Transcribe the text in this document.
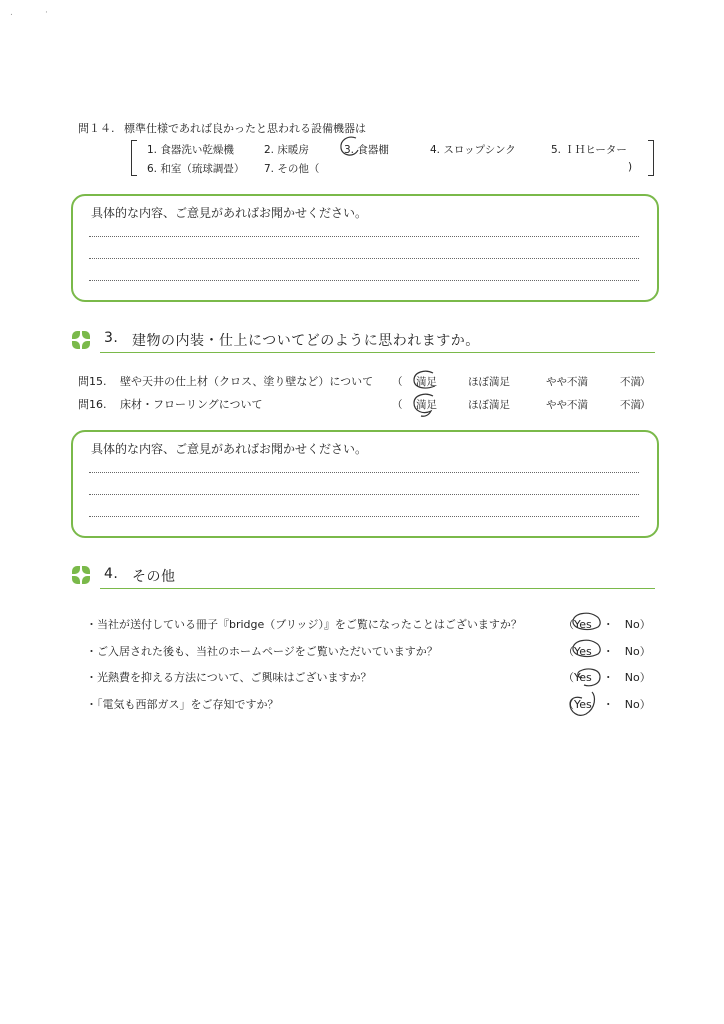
.	·
問１４. 標準仕様であれば良かったと思われる設備機器は
1. 食器洗い乾燥機	2. 床暖房	3. 食器棚	4. スロップシンク	5. ＩＨヒーター
6. 和室（琉球調畳） 7. その他（	)
具体的な内容、ご意見があればお聞かせください。
3. 建物の内装・仕上についてどのように思われますか。
問15. 壁や天井の仕上材（クロス、塗り壁など）について （ 満足	ほぼ満足	やや不満	不満 ）
問16. 床材・フローリングについて	（ 満足	ほぼ満足	やや不満	不満 ）
具体的な内容、ご意見があればお聞かせください。
4. その他
・当社が送付している冊子『bridge（ブリッジ）』をご覧になったことはございますか？	（Yes　・　No）
・ご入居された後も、当社のホームページをご覧いただいていますか？	（Yes　・　No）
・光熱費を抑える方法について、ご興味はございますか？	（Yes　・　No）
・「電気も西部ガス」をご存知ですか？	（Yes　・　No）
